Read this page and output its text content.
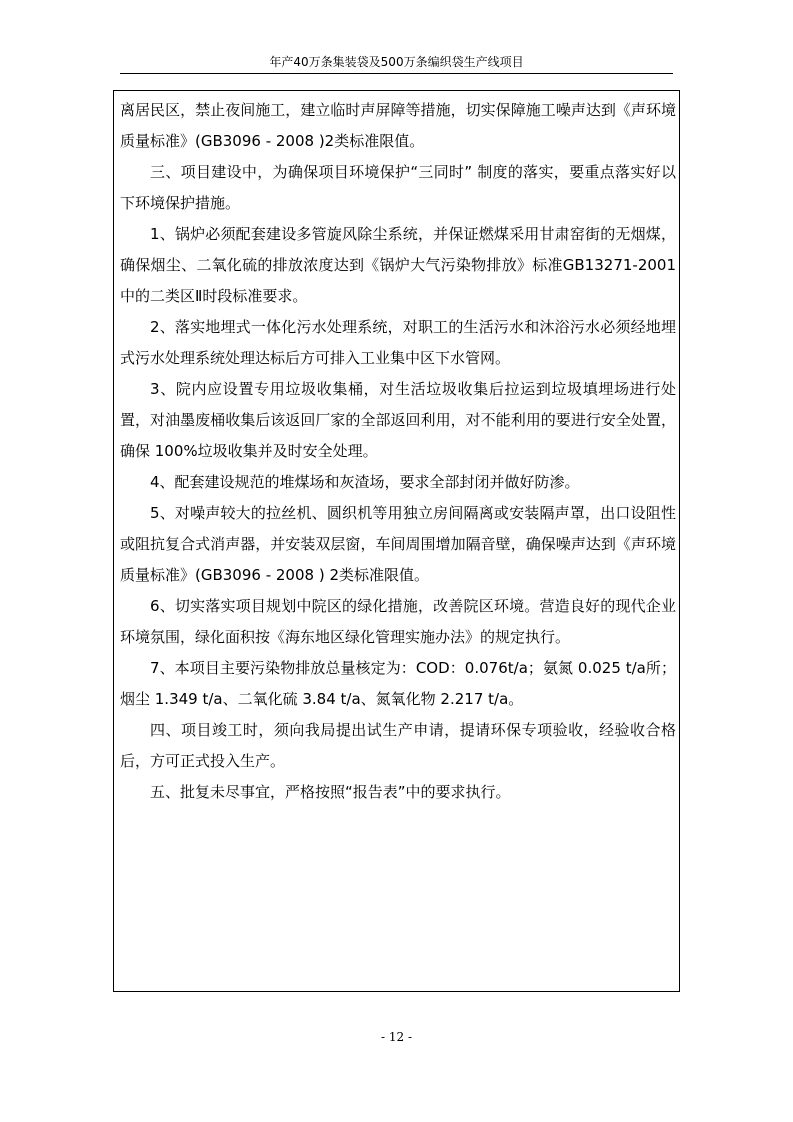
年产40万条集装袋及500万条编织袋生产线项目

离居民区，禁止夜间施工，建立临时声屏障等措施，切实保障施工噪声达到《声环境质量标准》(GB3096 - 2008 )2类标准限值。

三、项目建设中，为确保项目环境保护“三同时” 制度的落实，要重点落实好以下环境保护措施。

1、锅炉必须配套建设多管旋风除尘系统，并保证燃煤采用甘肃窑街的无烟煤，确保烟尘、二氧化硫的排放浓度达到《锅炉大气污染物排放》标准GB13271-2001中的二类区Ⅱ时段标准要求。

2、落实地埋式一体化污水处理系统，对职工的生活污水和沐浴污水必须经地埋式污水处理系统处理达标后方可排入工业集中区下水管网。

3、院内应设置专用垃圾收集桶，对生活垃圾收集后拉运到垃圾填埋场进行处置，对油墨废桶收集后该返回厂家的全部返回利用，对不能利用的要进行安全处置，确保 100%垃圾收集并及时安全处理。

4、配套建设规范的堆煤场和灰渣场，要求全部封闭并做好防渗。

5、对噪声较大的拉丝机、圆织机等用独立房间隔离或安装隔声罩，出口设阻性或阻抗复合式消声器，并安装双层窗，车间周围增加隔音壁，确保噪声达到《声环境质量标准》(GB3096 - 2008 ) 2类标准限值。

6、切实落实项目规划中院区的绿化措施，改善院区环境。营造良好的现代企业环境氛围，绿化面积按《海东地区绿化管理实施办法》的规定执行。

7、本项目主要污染物排放总量核定为：COD：0.076t/a；氨氮 0.025 t/a所；烟尘 1.349 t/a、二氧化硫 3.84 t/a、氮氧化物 2.217 t/a。

四、项目竣工时，须向我局提出试生产申请，提请环保专项验收，经验收合格后，方可正式投入生产。

五、批复未尽事宜，严格按照“报告表”中的要求执行。

- 12 -
